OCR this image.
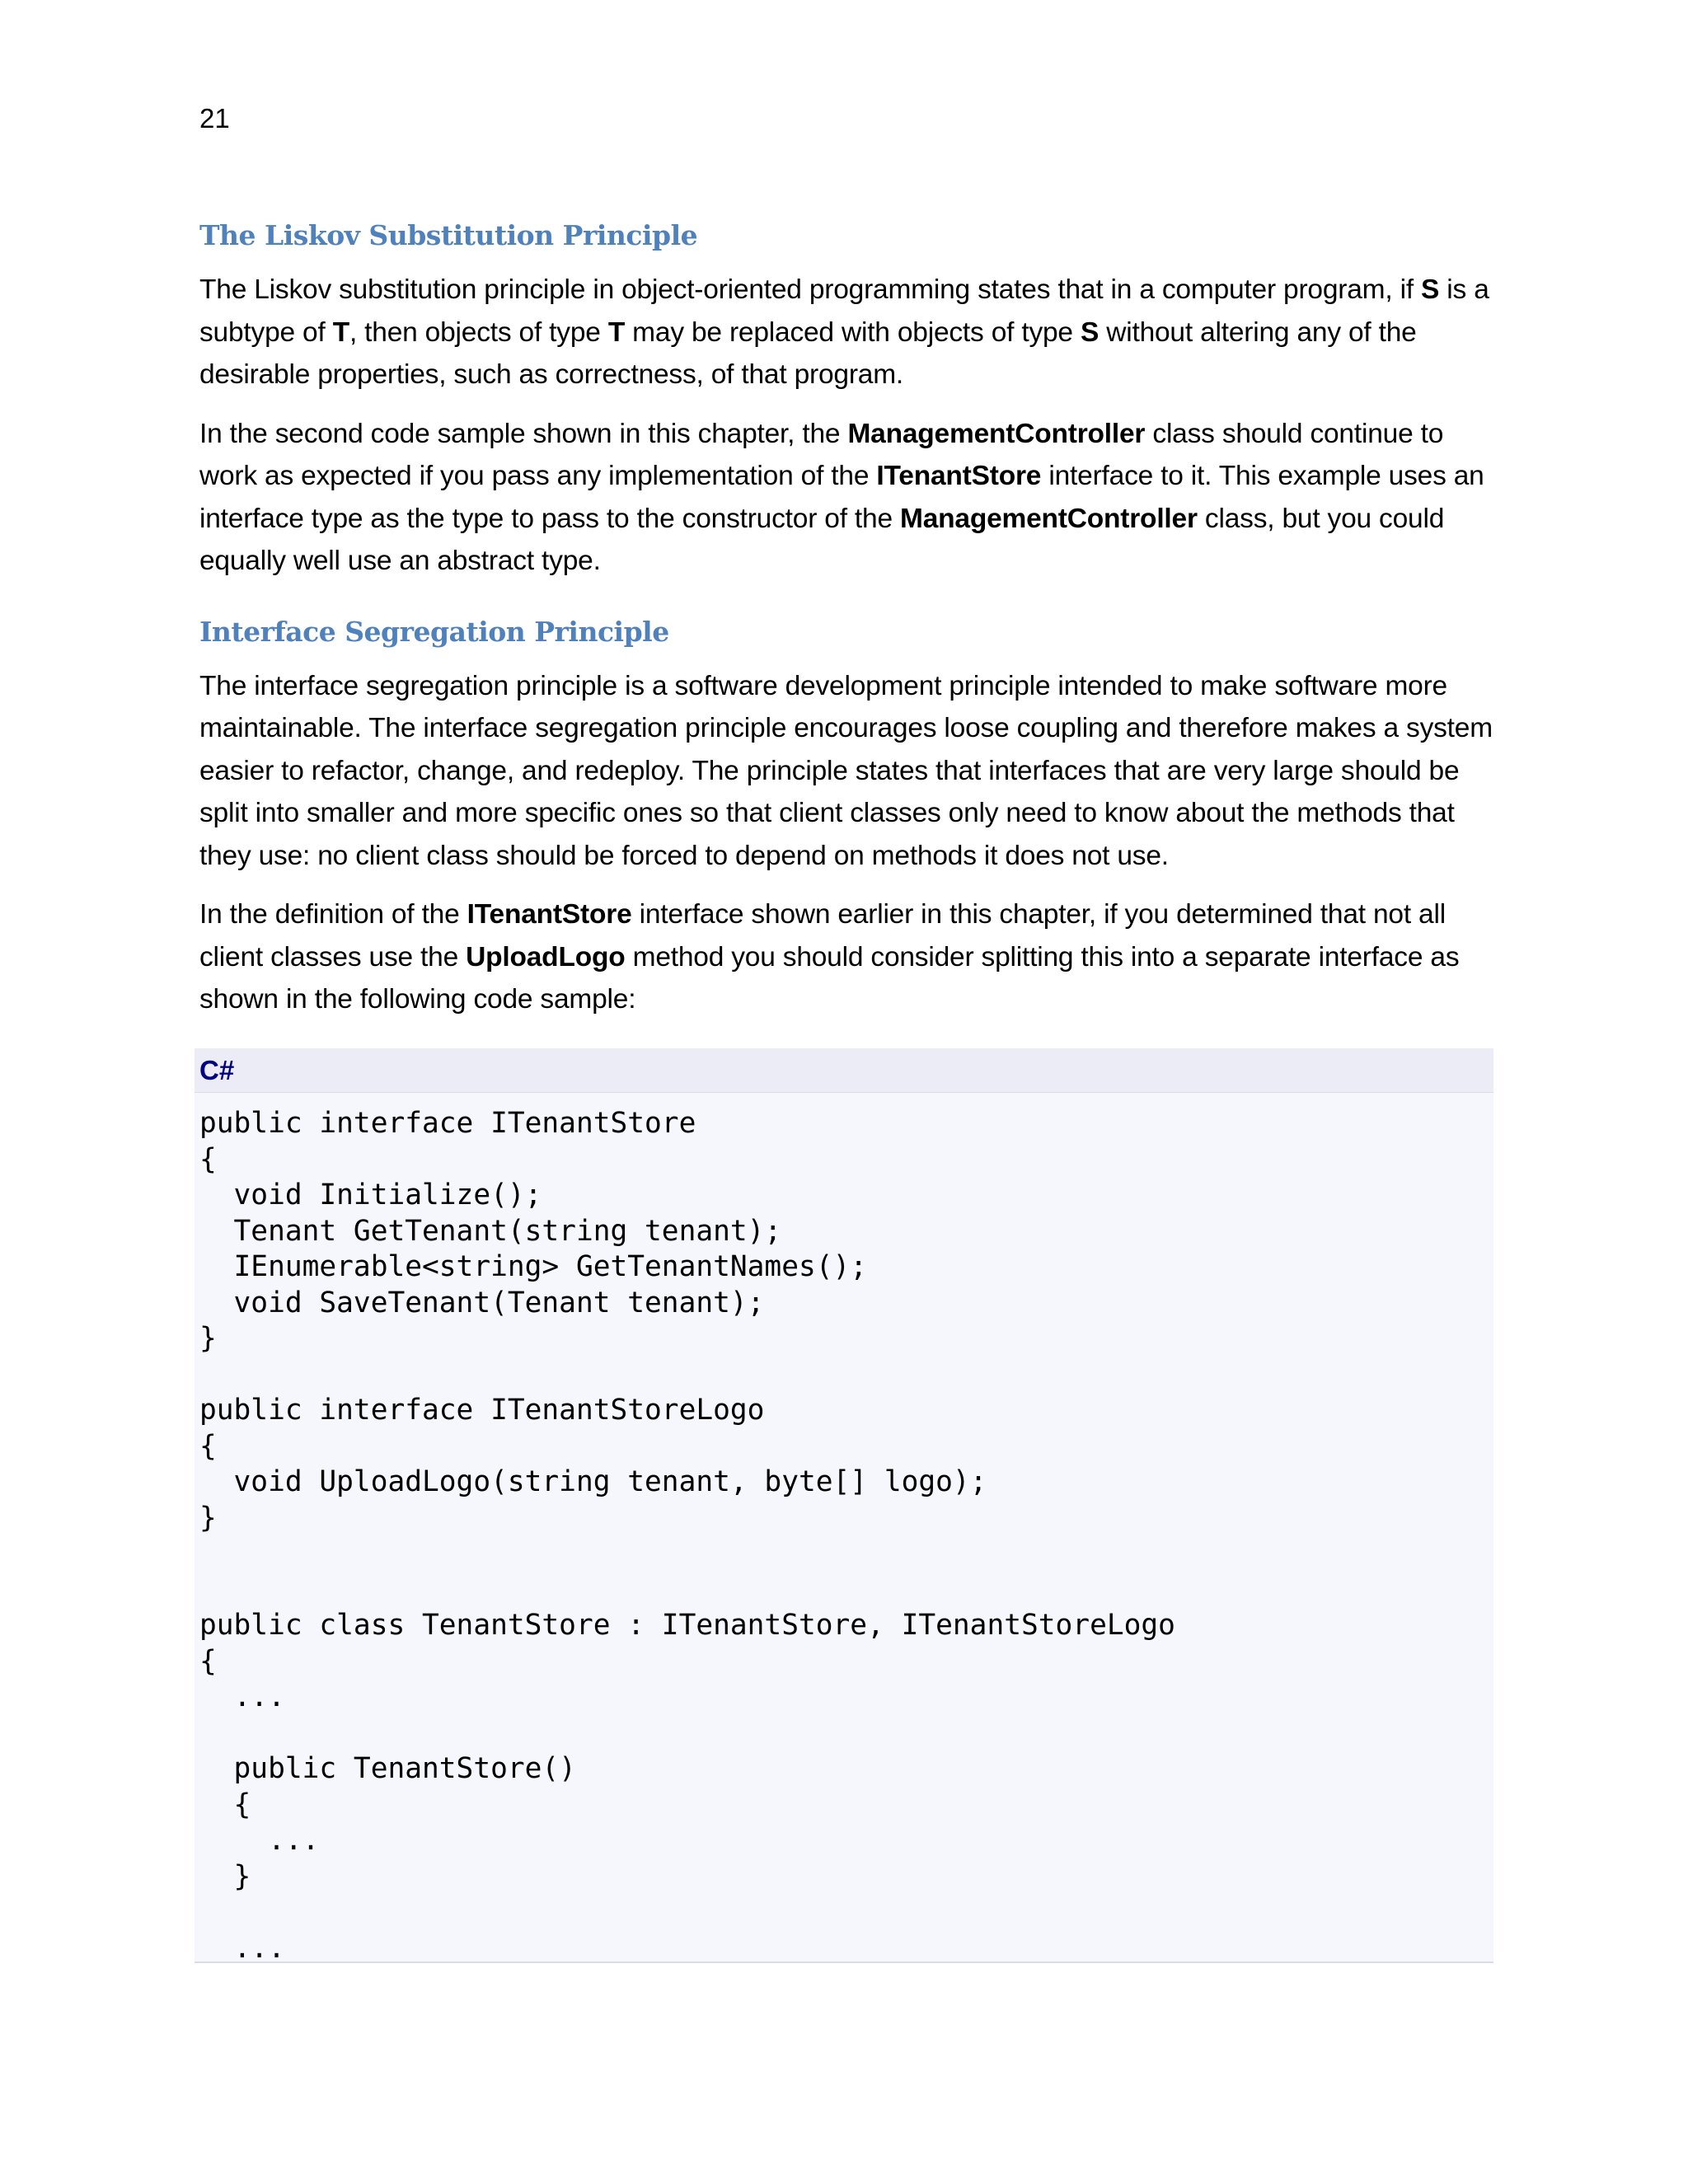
21
The Liskov Substitution Principle

The Liskov substitution principle in object-oriented programming states that in a computer program, if S is a subtype of T, then objects of type T may be replaced with objects of type S without altering any of the desirable properties, such as correctness, of that program.

In the second code sample shown in this chapter, the ManagementController class should continue to work as expected if you pass any implementation of the ITenantStore interface to it. This example uses an interface type as the type to pass to the constructor of the ManagementController class, but you could equally well use an abstract type.

Interface Segregation Principle

The interface segregation principle is a software development principle intended to make software more maintainable. The interface segregation principle encourages loose coupling and therefore makes a system easier to refactor, change, and redeploy. The principle states that interfaces that are very large should be split into smaller and more specific ones so that client classes only need to know about the methods that they use: no client class should be forced to depend on methods it does not use.

In the definition of the ITenantStore interface shown earlier in this chapter, if you determined that not all client classes use the UploadLogo method you should consider splitting this into a separate interface as shown in the following code sample:

C#
public interface ITenantStore
{
void Initialize();
Tenant GetTenant(string tenant);
IEnumerable<string> GetTenantNames();
void SaveTenant(Tenant tenant);
}

public interface ITenantStoreLogo
{
void UploadLogo(string tenant, byte[] logo);
}

public class TenantStore : ITenantStore, ITenantStoreLogo
{
...

public TenantStore()
{
...
}

...
